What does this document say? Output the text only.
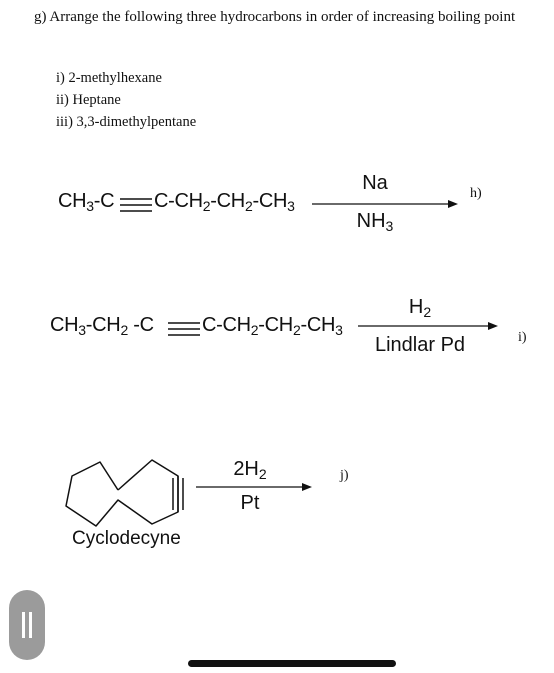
g) Arrange the following three hydrocarbons in order of increasing boiling point
i) 2-methylhexane
ii) Heptane
iii) 3,3-dimethylpentane
$CH_3-C$ $C-CH_2-CH_2-CH_3$
Na
$NH_3$
h)
$CH_3-CH_2$ -C $C-CH_2-CH_2-CH_3$
$H_2$
Lindlar Pd	i)
Cyclodecyne
$2H_2$
Pt
j)
